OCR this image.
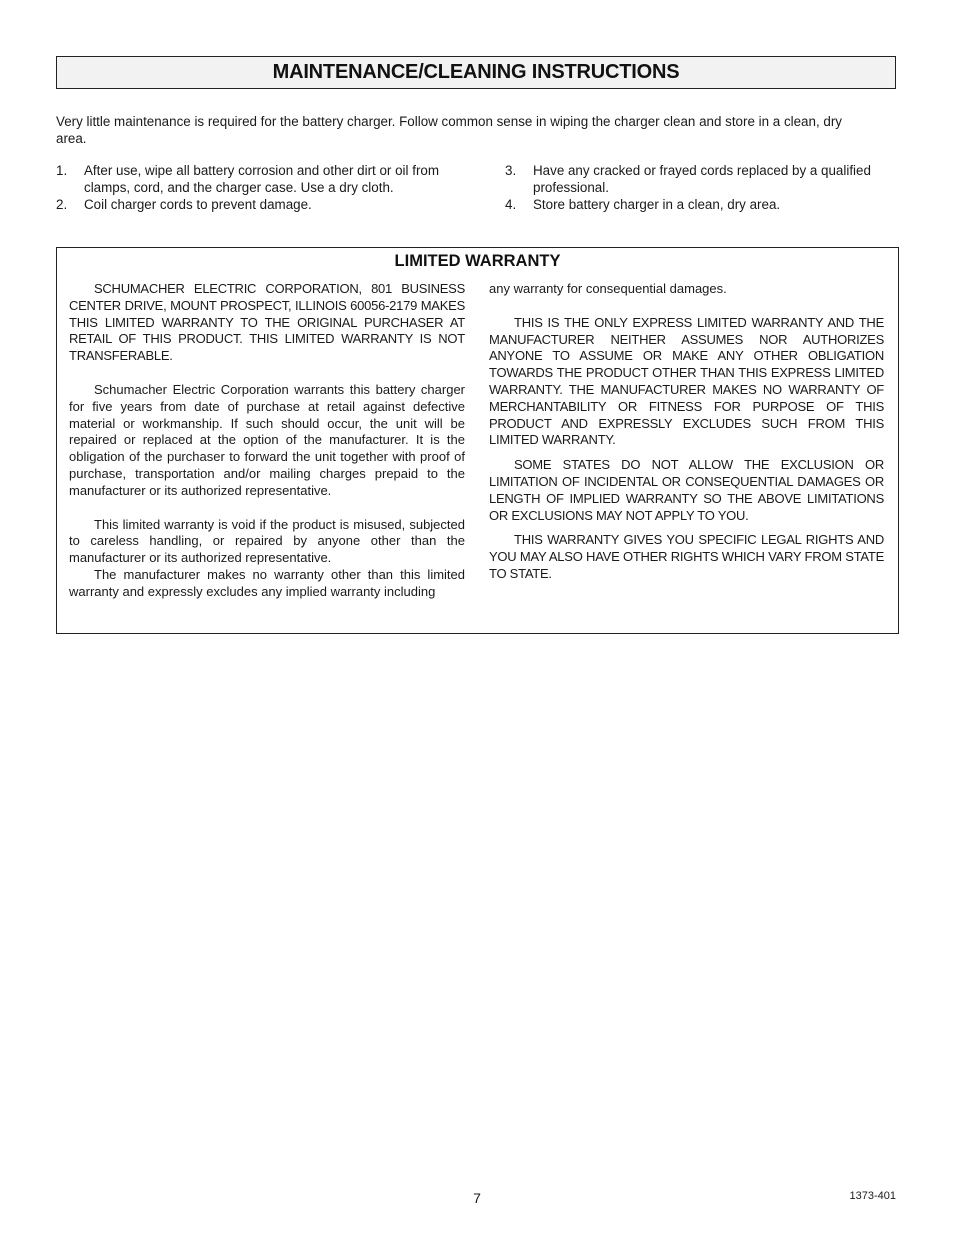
MAINTENANCE/CLEANING INSTRUCTIONS

Very little maintenance is required for the battery charger. Follow common sense in wiping the charger clean and store in a clean, dry area.

1.	After use, wipe all battery corrosion and other dirt or oil from clamps, cord, and the charger case. Use a dry cloth.
2.	Coil charger cords to prevent damage.
3.	Have any cracked or frayed cords replaced by a qualified professional.
4.	Store battery charger in a clean, dry area.
LIMITED WARRANTY

SCHUMACHER ELECTRIC CORPORATION, 801 BUSINESS CENTER DRIVE, MOUNT PROSPECT, ILLINOIS 60056-2179 MAKES THIS LIMITED WARRANTY TO THE ORIGINAL PURCHASER AT RETAIL OF THIS PRODUCT. THIS LIMITED WARRANTY IS NOT TRANSFERABLE.

Schumacher Electric Corporation warrants this battery charger for five years from date of purchase at retail against defective material or workmanship. If such should occur, the unit will be repaired or replaced at the option of the manufacturer. It is the obligation of the purchaser to forward the unit together with proof of purchase, transportation and/or mailing charges prepaid to the manufacturer or its authorized representative.

This limited warranty is void if the product is misused, subjected to careless handling, or repaired by anyone other than the manufacturer or its authorized representative.

The manufacturer makes no warranty other than this limited warranty and expressly excludes any implied warranty including

any warranty for consequential damages.

THIS IS THE ONLY EXPRESS LIMITED WARRANTY AND THE MANUFACTURER NEITHER ASSUMES NOR AUTHORIZES ANYONE TO ASSUME OR MAKE ANY OTHER OBLIGATION TOWARDS THE PRODUCT OTHER THAN THIS EXPRESS LIMITED WARRANTY. THE MANUFACTURER MAKES NO WARRANTY OF MERCHANTABILITY OR FITNESS FOR PURPOSE OF THIS PRODUCT AND EXPRESSLY EXCLUDES SUCH FROM THIS LIMITED WARRANTY.

SOME STATES DO NOT ALLOW THE EXCLUSION OR LIMITATION OF INCIDENTAL OR CONSEQUENTIAL DAMAGES OR LENGTH OF IMPLIED WARRANTY SO THE ABOVE LIMITATIONS OR EXCLUSIONS MAY NOT APPLY TO YOU.

THIS WARRANTY GIVES YOU SPECIFIC LEGAL RIGHTS AND YOU MAY ALSO HAVE OTHER RIGHTS WHICH VARY FROM STATE TO STATE.

7	1373-401
